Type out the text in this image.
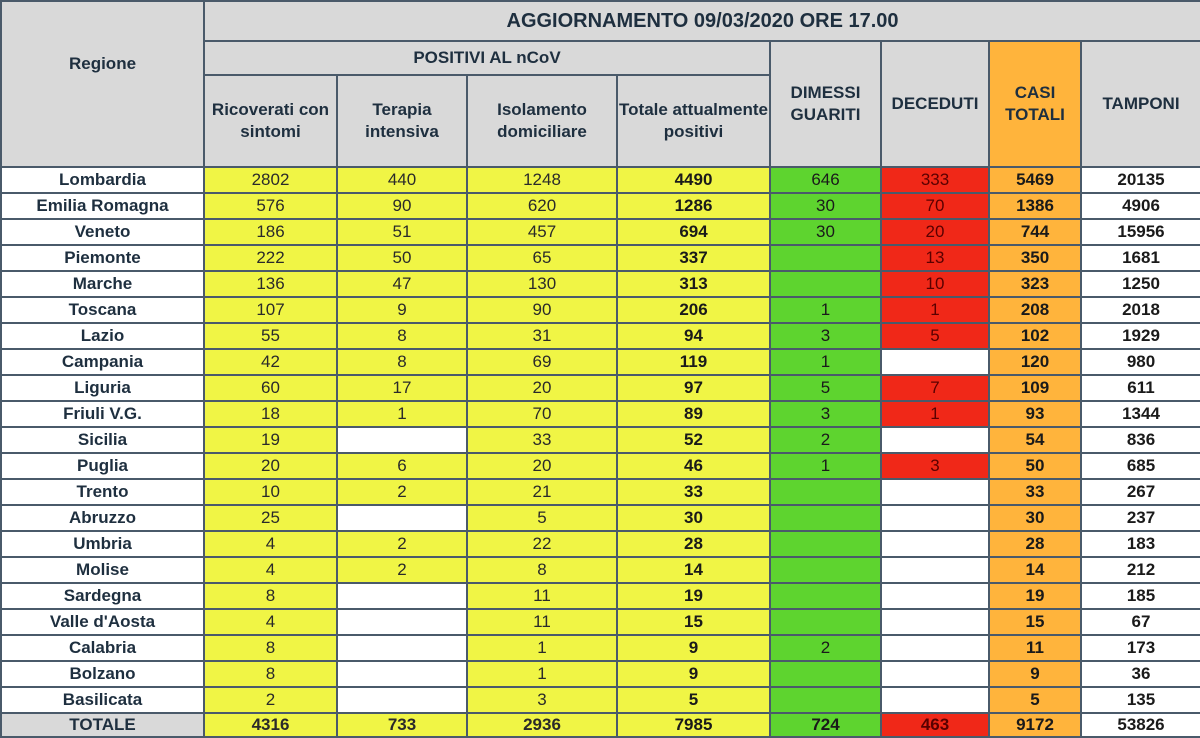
Regione	AGGIORNAMENTO 09/03/2020 ORE 17.00							
	POSITIVI AL nCoV				DIMESSI GUARITI	DECEDUTI	CASI TOTALI	TAMPONI
	Ricoverati con sintomi	Terapia intensiva	Isolamento domiciliare	Totale attualmente positivi				
Lombardia	2802	440	1248	4490	646	333	5469	20135
Emilia Romagna	576	90	620	1286	30	70	1386	4906
Veneto	186	51	457	694	30	20	744	15956
Piemonte	222	50	65	337		13	350	1681
Marche	136	47	130	313		10	323	1250
Toscana	107	9	90	206	1	1	208	2018
Lazio	55	8	31	94	3	5	102	1929
Campania	42	8	69	119	1		120	980
Liguria	60	17	20	97	5	7	109	611
Friuli V.G.	18	1	70	89	3	1	93	1344
Sicilia	19		33	52	2		54	836
Puglia	20	6	20	46	1	3	50	685
Trento	10	2	21	33			33	267
Abruzzo	25		5	30			30	237
Umbria	4	2	22	28			28	183
Molise	4	2	8	14			14	212
Sardegna	8		11	19			19	185
Valle d'Aosta	4		11	15			15	67
Calabria	8		1	9	2		11	173
Bolzano	8		1	9			9	36
Basilicata	2		3	5			5	135
TOTALE	4316	733	2936	7985	724	463	9172	53826
